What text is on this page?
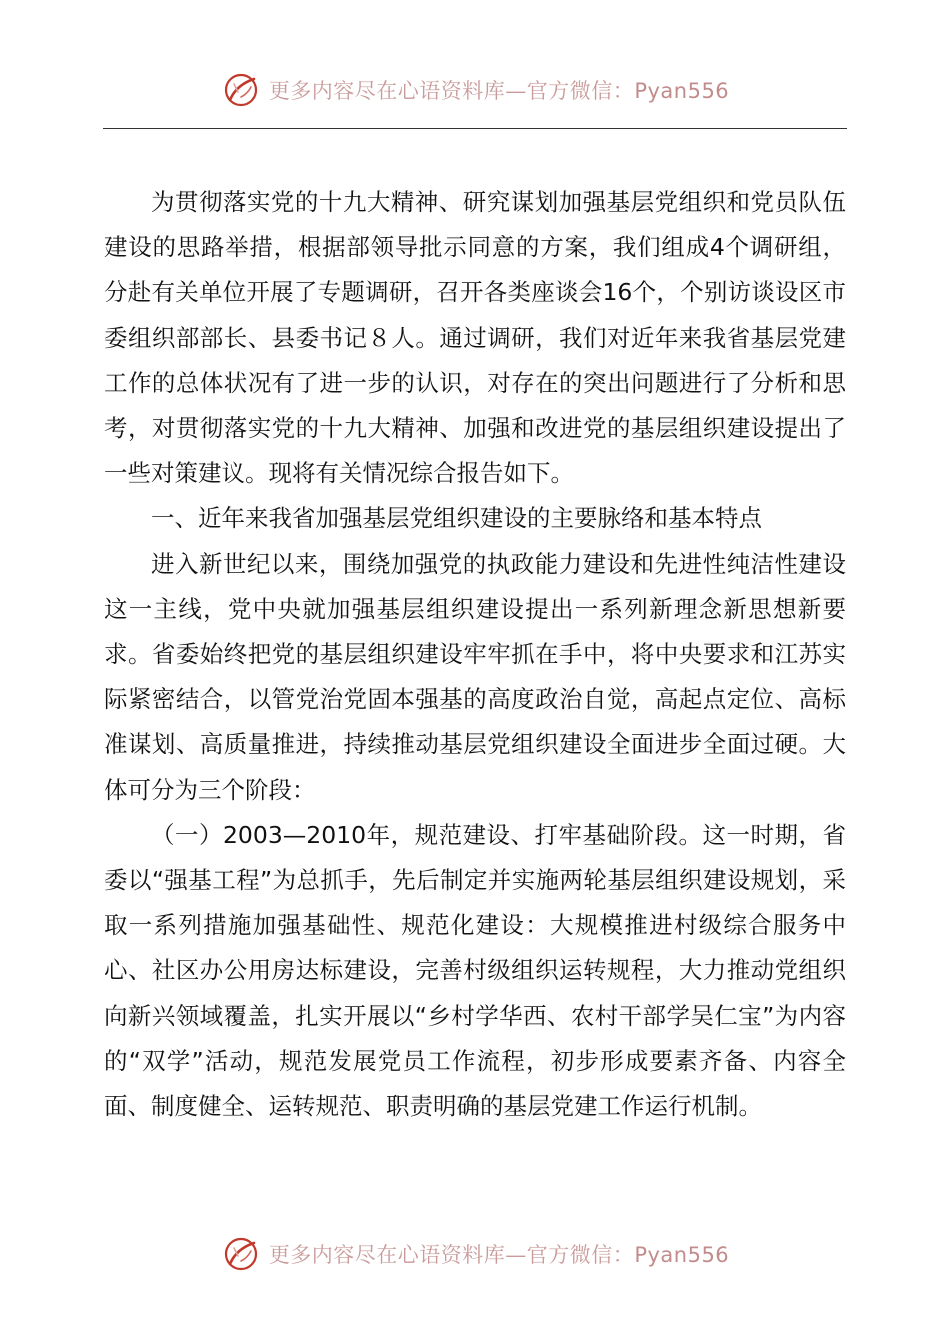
更多内容尽在心语资料库—官方微信：Pyan556

为贯彻落实党的十九大精神、研究谋划加强基层党组织和党员队伍建设的思路举措，根据部领导批示同意的方案，我们组成4个调研组，分赴有关单位开展了专题调研，召开各类座谈会16个，个别访谈设区市委组织部部长、县委书记８人。通过调研，我们对近年来我省基层党建工作的总体状况有了进一步的认识，对存在的突出问题进行了分析和思考，对贯彻落实党的十九大精神、加强和改进党的基层组织建设提出了一些对策建议。现将有关情况综合报告如下。

一、近年来我省加强基层党组织建设的主要脉络和基本特点

进入新世纪以来，围绕加强党的执政能力建设和先进性纯洁性建设这一主线，党中央就加强基层组织建设提出一系列新理念新思想新要求。省委始终把党的基层组织建设牢牢抓在手中，将中央要求和江苏实际紧密结合，以管党治党固本强基的高度政治自觉，高起点定位、高标准谋划、高质量推进，持续推动基层党组织建设全面进步全面过硬。大体可分为三个阶段：

（一）2003—2010年，规范建设、打牢基础阶段。这一时期，省委以“强基工程”为总抓手，先后制定并实施两轮基层组织建设规划，采取一系列措施加强基础性、规范化建设：大规模推进村级综合服务中心、社区办公用房达标建设，完善村级组织运转规程，大力推动党组织向新兴领域覆盖，扎实开展以“乡村学华西、农村干部学吴仁宝”为内容的“双学”活动，规范发展党员工作流程，初步形成要素齐备、内容全面、制度健全、运转规范、职责明确的基层党建工作运行机制。

更多内容尽在心语资料库—官方微信：Pyan556
